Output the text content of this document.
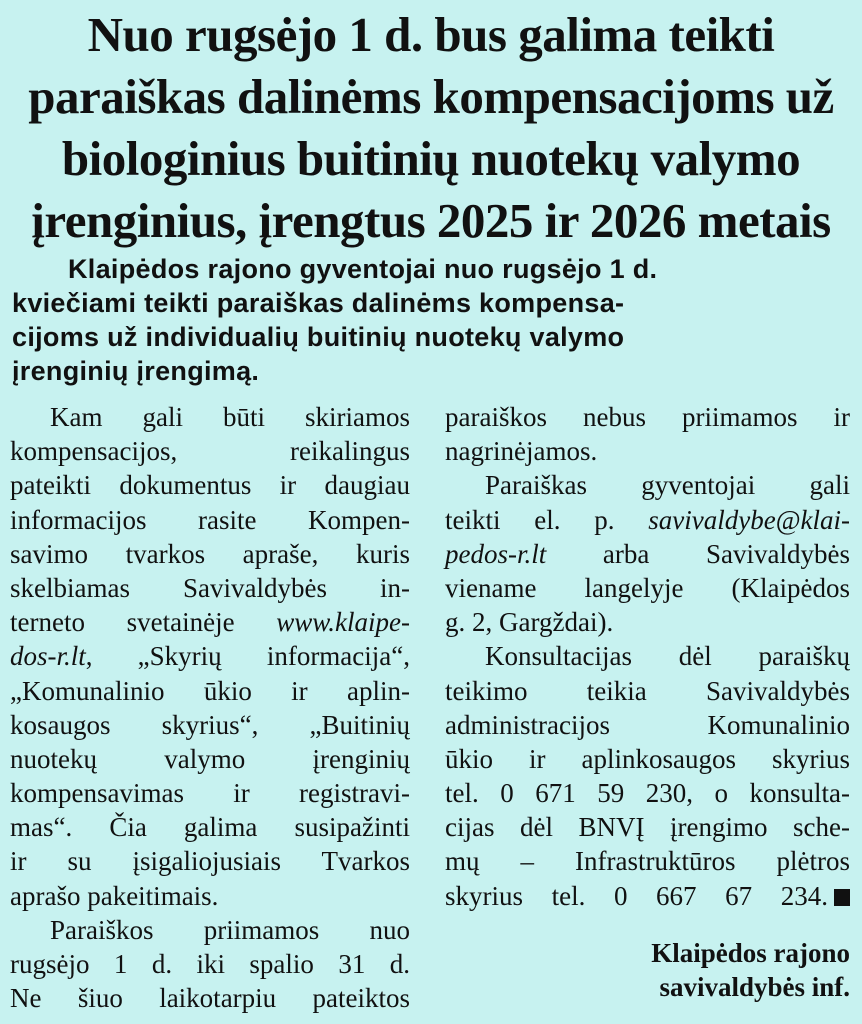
Nuo rugsėjo 1 d. bus galima teikti
paraiškas dalinėms kompensacijoms už
biologinius buitinių nuotekų valymo
įrenginius, įrengtus 2025 ir 2026 metais

Klaipėdos rajono gyventojai nuo rugsėjo 1 d.
kviečiami teikti paraiškas dalinėms kompensa-
cijoms už individualių buitinių nuotekų valymo
įrenginių įrengimą.

Kam gali būti skiriamos
kompensacijos, reikalingus
pateikti dokumentus ir daugiau
informacijos rasite Kompen-
savimo tvarkos apraše, kuris
skelbiamas Savivaldybės in-
terneto svetainėje www.klaipe-
dos-r.lt, „Skyrių informacija“,
„Komunalinio ūkio ir aplin-
kosaugos skyrius“, „Buitinių
nuotekų valymo įrenginių
kompensavimas ir registravi-
mas“. Čia galima susipažinti
ir su įsigaliojusiais Tvarkos
aprašo pakeitimais.
Paraiškos priimamos nuo
rugsėjo 1 d. iki spalio 31 d.
Ne šiuo laikotarpiu pateiktos
paraiškos nebus priimamos ir
nagrinėjamos.
Paraiškas gyventojai gali
teikti el. p. savivaldybe@klai-
pedos-r.lt arba Savivaldybės
viename langelyje (Klaipėdos
g. 2, Gargždai).
Konsultacijas dėl paraiškų
teikimo teikia Savivaldybės
administracijos Komunalinio
ūkio ir aplinkosaugos skyrius
tel. 0 671 59 230, o konsulta-
cijas dėl BNVĮ įrengimo sche-
mų – Infrastruktūros plėtros
skyrius tel. 0 667 67 234.
Klaipėdos rajono
savivaldybės inf.
